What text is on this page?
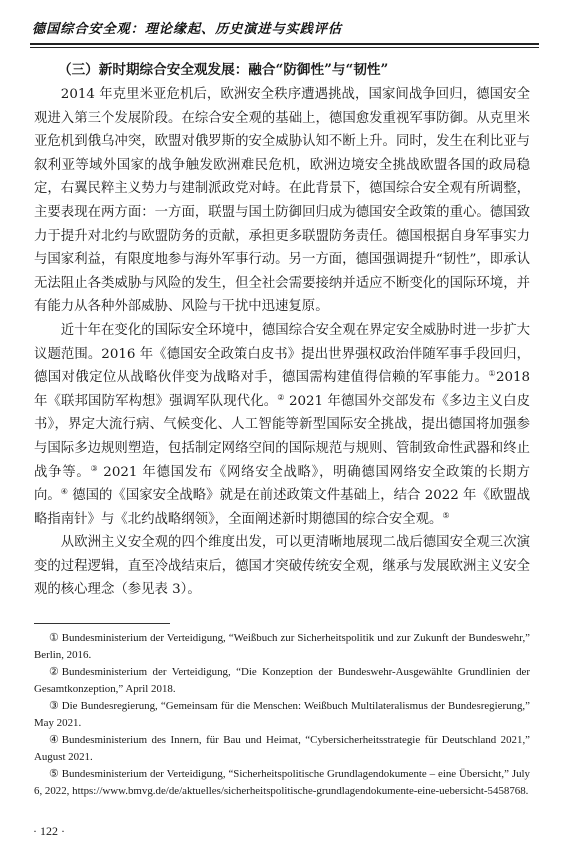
德国综合安全观：理论缘起、历史演进与实践评估
（三）新时期综合安全观发展：融合“防御性”与“韧性”

2014 年克里米亚危机后，欧洲安全秩序遭遇挑战，国家间战争回归，德国安全观进入第三个发展阶段。在综合安全观的基础上，德国愈发重视军事防御。从克里米亚危机到俄乌冲突，欧盟对俄罗斯的安全威胁认知不断上升。同时，发生在利比亚与叙利亚等域外国家的战争触发欧洲难民危机，欧洲边境安全挑战欧盟各国的政局稳定，右翼民粹主义势力与建制派政党对峙。在此背景下，德国综合安全观有所调整，主要表现在两方面：一方面，联盟与国土防御回归成为德国安全政策的重心。德国致力于提升对北约与欧盟防务的贡献，承担更多联盟防务责任。德国根据自身军事实力与国家利益，有限度地参与海外军事行动。另一方面，德国强调提升“韧性”，即承认无法阻止各类威胁与风险的发生，但全社会需要接纳并适应不断变化的国际环境，并有能力从各种外部威胁、风险与干扰中迅速复原。

近十年在变化的国际安全环境中，德国综合安全观在界定安全威胁时进一步扩大议题范围。2016 年《德国安全政策白皮书》提出世界强权政治伴随军事手段回归，德国对俄定位从战略伙伴变为战略对手，德国需构建值得信赖的军事能力。①2018 年《联邦国防军构想》强调军队现代化。② 2021 年德国外交部发布《多边主义白皮书》，界定大流行病、气候变化、人工智能等新型国际安全挑战，提出德国将加强参与国际多边规则塑造，包括制定网络空间的国际规范与规则、管制致命性武器和终止战争等。③ 2021 年德国发布《网络安全战略》，明确德国网络安全政策的长期方向。④ 德国的《国家安全战略》就是在前述政策文件基础上，结合 2022 年《欧盟战略指南针》与《北约战略纲领》，全面阐述新时期德国的综合安全观。⑤

从欧洲主义安全观的四个维度出发，可以更清晰地展现二战后德国安全观三次演变的过程逻辑，直至冷战结束后，德国才突破传统安全观，继承与发展欧洲主义安全观的核心理念（参见表 3）。

① Bundesministerium der Verteidigung, “Weißbuch zur Sicherheitspolitik und zur Zukunft der Bundeswehr,” Berlin, 2016.

② Bundesministerium der Verteidigung, “Die Konzeption der Bundeswehr-Ausgewählte Grundlinien der Gesamtkonzeption,” April 2018.

③ Die Bundesregierung, “Gemeinsam für die Menschen: Weißbuch Multilateralismus der Bundesregierung,” May 2021.

④ Bundesministerium des Innern, für Bau und Heimat, “Cybersicherheitsstrategie für Deutschland 2021,” August 2021.

⑤ Bundesministerium der Verteidigung, “Sicherheitspolitische Grundlagendokumente – eine Übersicht,” July 6, 2022, https://www.bmvg.de/de/aktuelles/sicherheitspolitische-grundlagendokumente-eine-uebersicht-5458768.

· 122 ·
